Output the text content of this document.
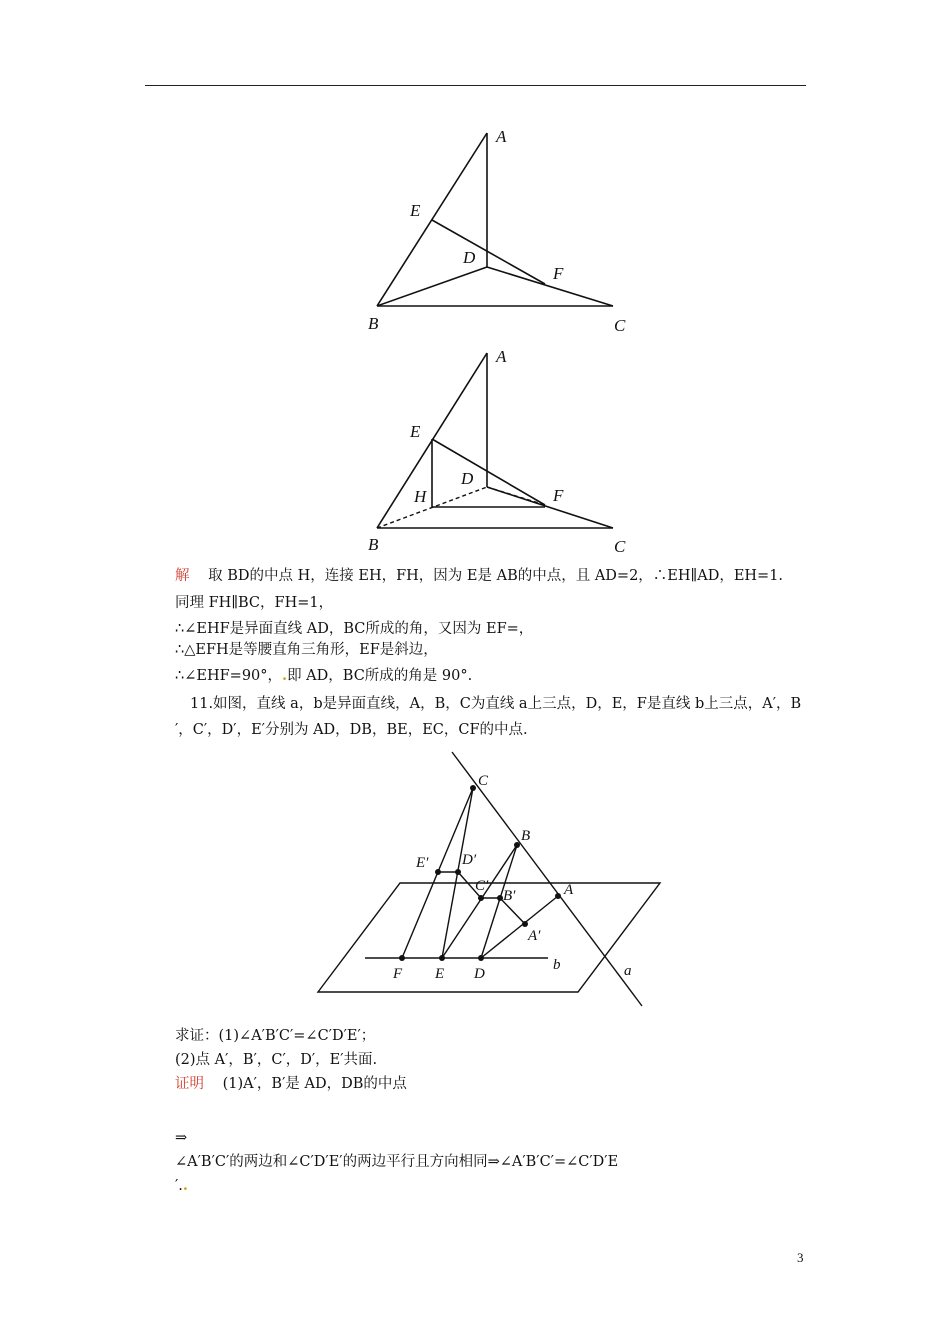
A
E
D
F
B	C
A
E
D
H	F
B	C
解 取 BD的中点 H，连接 EH，FH，因为 E是 AB的中点，且 AD=2，∴EH∥AD，EH=1.
同理 FH∥BC，FH=1，
∴∠EHF是异面直线 AD，BC所成的角，又因为 EF=，
∴△EFH是等腰直角三角形，EF是斜边，
∴∠EHF=90°，.即 AD，BC所成的角是 90°.
11.如图，直线 a，b是异面直线，A，B，C为直线 a上三点，D，E，F是直线 b上三点，A′，B
′，C′，D′，E′分别为 AD，DB，BE，EC，CF的中点.
C
B
A
E′ D′
C′
B′
A′
F E D
b	a
求证：(1)∠A′B′C′=∠C′D′E′；
(2)点 A′，B′，C′，D′，E′共面.
证明 (1)A′，B′是 AD，DB的中点
⇒
∠A′B′C′的两边和∠C′D′E′的两边平行且方向相同⇒∠A′B′C′=∠C′D′E
′..
3
